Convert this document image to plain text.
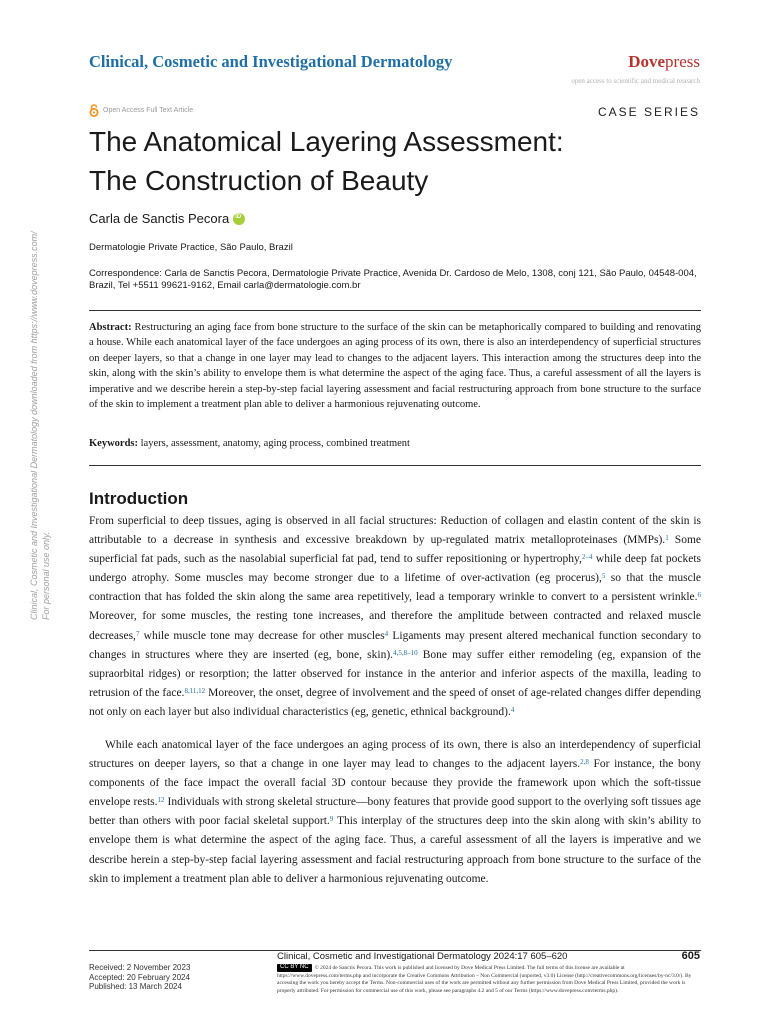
Clinical, Cosmetic and Investigational Dermatology	Dovepress
open access to scientific and medical research
Open Access Full Text Article	CASE SERIES
The Anatomical Layering Assessment:
The Construction of Beauty
Carla de Sanctis Pecora iD
Dermatologie Private Practice, São Paulo, Brazil
Correspondence: Carla de Sanctis Pecora, Dermatologie Private Practice, Avenida Dr. Cardoso de Melo, 1308, conj 121, São Paulo, 04548-004, Brazil, Tel +5511 99621-9162, Email carla@dermatologie.com.br
Abstract: Restructuring an aging face from bone structure to the surface of the skin can be metaphorically compared to building and renovating a house. While each anatomical layer of the face undergoes an aging process of its own, there is also an interdependency of superficial structures on deeper layers, so that a change in one layer may lead to changes to the adjacent layers. This interaction among the structures deep into the skin, along with the skin’s ability to envelope them is what determine the aspect of the aging face. Thus, a careful assessment of all the layers is imperative and we describe herein a step-by-step facial layering assessment and facial restructuring approach from bone structure to the surface of the skin to implement a treatment plan able to deliver a harmonious rejuvenating outcome.
Keywords: layers, assessment, anatomy, aging process, combined treatment
Introduction
From superficial to deep tissues, aging is observed in all facial structures: Reduction of collagen and elastin content of the skin is attributable to a decrease in synthesis and excessive breakdown by up-regulated matrix metalloproteinases (MMPs).$^1$ Some superficial fat pads, such as the nasolabial superficial fat pad, tend to suffer repositioning or hypertrophy,$^{2-4}$ while deep fat pockets undergo atrophy. Some muscles may become stronger due to a lifetime of over-activation (eg procerus),$^5$ so that the muscle contraction that has folded the skin along the same area repetitively, lead a temporary wrinkle to convert to a persistent wrinkle.$^6$ Moreover, for some muscles, the resting tone increases, and therefore the amplitude between contracted and relaxed muscle decreases,$^7$ while muscle tone may decrease for other muscles$^4$ Ligaments may present altered mechanical function secondary to changes in structures where they are inserted (eg, bone, skin).$^{4,5,8-10}$ Bone may suffer either remodeling (eg, expansion of the supraorbital ridges) or resorption; the latter observed for instance in the anterior and inferior aspects of the maxilla, leading to retrusion of the face.$^{8,11,12}$ Moreover, the onset, degree of involvement and the speed of onset of age-related changes differ depending not only on each layer but also individual characteristics (eg, genetic, ethnical background).$^4$
While each anatomical layer of the face undergoes an aging process of its own, there is also an interdependency of superficial structures on deeper layers, so that a change in one layer may lead to changes to the adjacent layers.$^{2,8}$ For instance, the bony components of the face impact the overall facial 3D contour because they provide the framework upon which the soft-tissue envelope rests.$^{12}$ Individuals with strong skeletal structure—bony features that provide good support to the overlying soft tissues age better than others with poor facial skeletal support.$^9$ This interplay of the structures deep into the skin along with skin’s ability to envelope them is what determine the aspect of the aging face. Thus, a careful assessment of all the layers is imperative and we describe herein a step-by-step facial layering assessment and facial restructuring approach from bone structure to the surface of the skin to implement a treatment plan able to deliver a harmonious rejuvenating outcome.
Clinical, Cosmetic and Investigational Dermatology downloaded from https://www.dovepress.com/ For personal use only.
Received: 2 November 2023
Accepted: 20 February 2024
Published: 13 March 2024
Clinical, Cosmetic and Investigational Dermatology 2024:17 605–620	605
CC BY NC © 2024 de Sanctis Pecora. This work is published and licensed by Dove Medical Press Limited. The full terms of this license are available at https://www.dovepress.com/terms.php and incorporate the Creative Commons Attribution – Non Commercial (unported, v3.0) License (http://creativecommons.org/licenses/by-nc/3.0/). By accessing the work you hereby accept the Terms. Non-commercial uses of the work are permitted without any further permission from Dove Medical Press Limited, provided the work is properly attributed. For permission for commercial use of this work, please see paragraphs 4.2 and 5 of our Terms (https://www.dovepress.com/terms.php).
